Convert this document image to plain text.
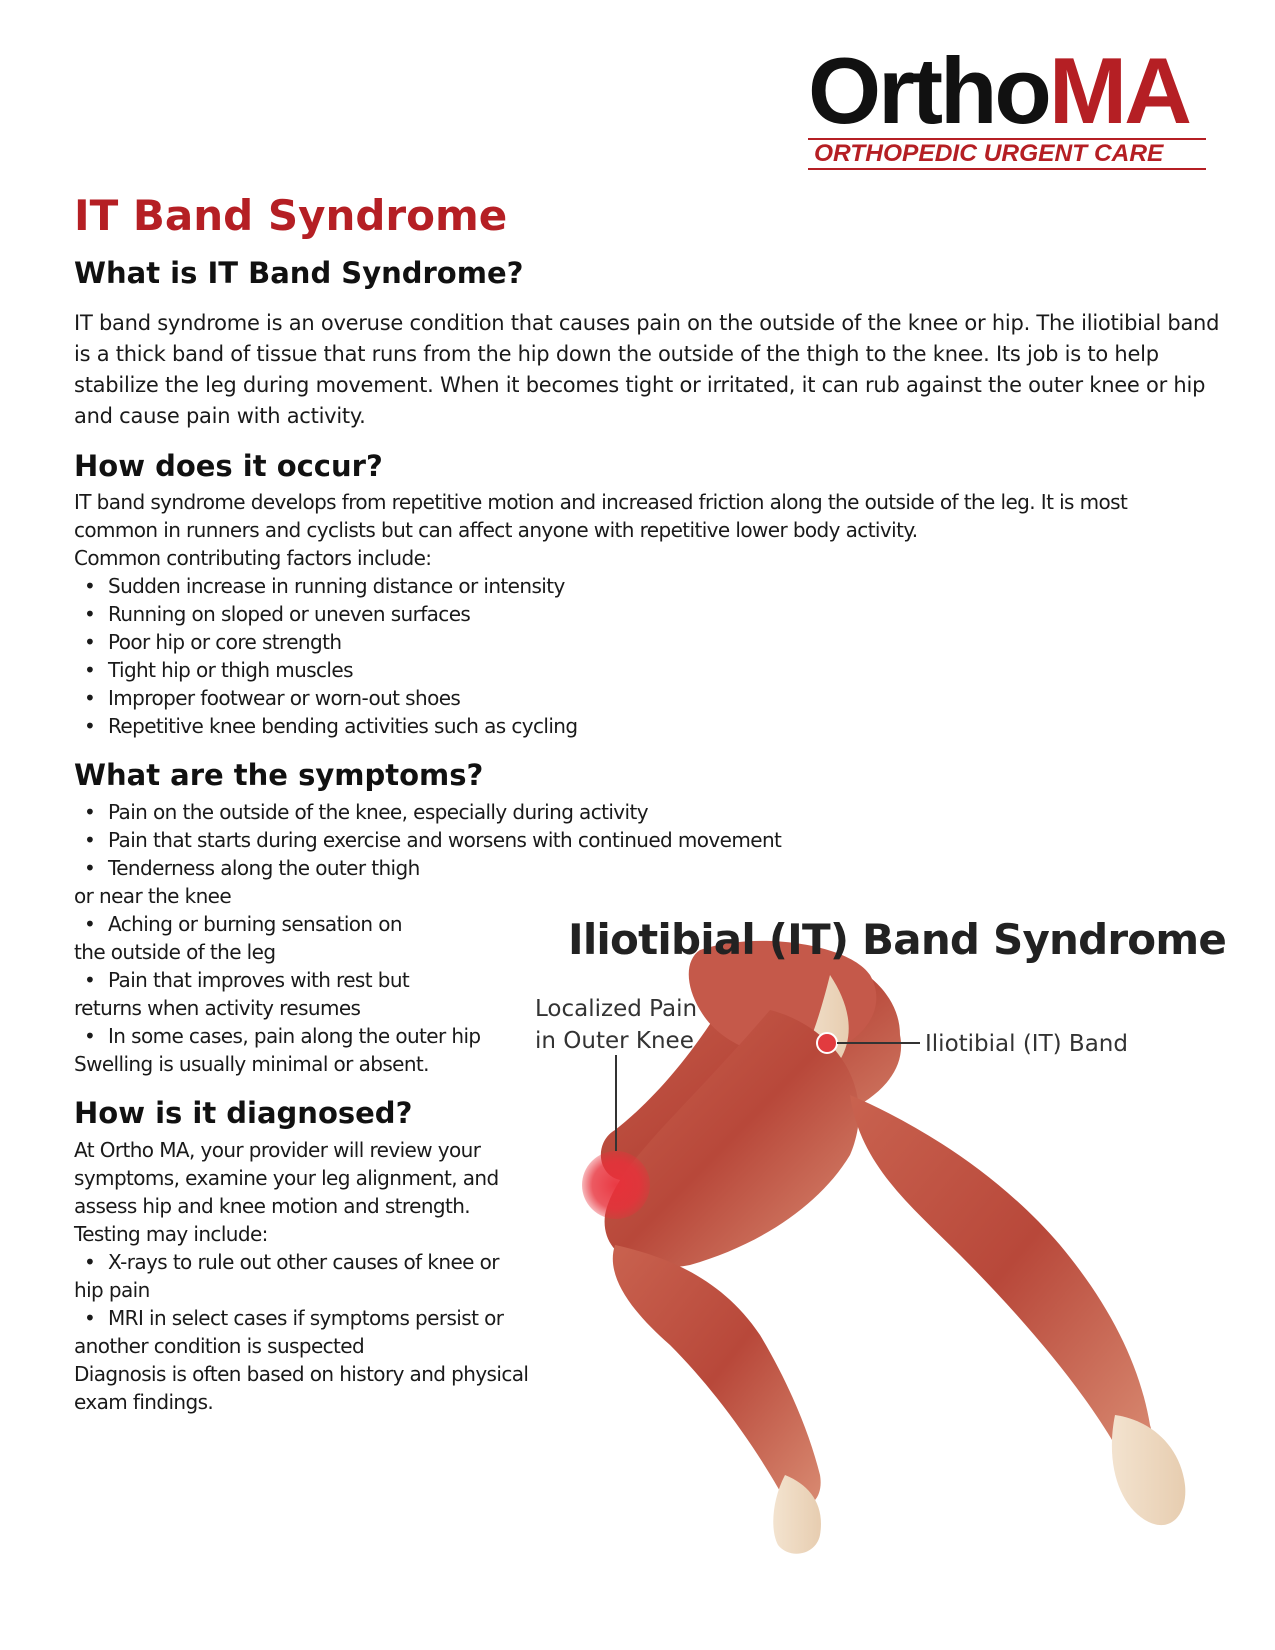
OrthoMA
ORTHOPEDIC URGENT CARE
IT Band Syndrome
What is IT Band Syndrome?

IT band syndrome is an overuse condition that causes pain on the outside of the knee or hip. The iliotibial band is a thick band of tissue that runs from the hip down the outside of the thigh to the knee. Its job is to help stabilize the leg during movement. When it becomes tight or irritated, it can rub against the outer knee or hip and cause pain with activity.

How does it occur?
IT band syndrome develops from repetitive motion and increased friction along the outside of the leg. It is most
common in runners and cyclists but can affect anyone with repetitive lower body activity.
Common contributing factors include:
• Sudden increase in running distance or intensity
• Running on sloped or uneven surfaces
• Poor hip or core strength
• Tight hip or thigh muscles
• Improper footwear or worn-out shoes
• Repetitive knee bending activities such as cycling
What are the symptoms?
• Pain on the outside of the knee, especially during activity
• Pain that starts during exercise and worsens with continued movement
• Tenderness along the outer thigh
or near the knee
• Aching or burning sensation on
the outside of the leg
• Pain that improves with rest but
returns when activity resumes
• In some cases, pain along the outer hip
Swelling is usually minimal or absent.
How is it diagnosed?
At Ortho MA, your provider will review your
symptoms, examine your leg alignment, and
assess hip and knee motion and strength.
Testing may include:
• X-rays to rule out other causes of knee or
hip pain
• MRI in select cases if symptoms persist or
another condition is suspected
Diagnosis is often based on history and physical
exam findings.
Iliotibial (IT) Band Syndrome
Localized Pain
in Outer Knee	Iliotibial (IT) Band
